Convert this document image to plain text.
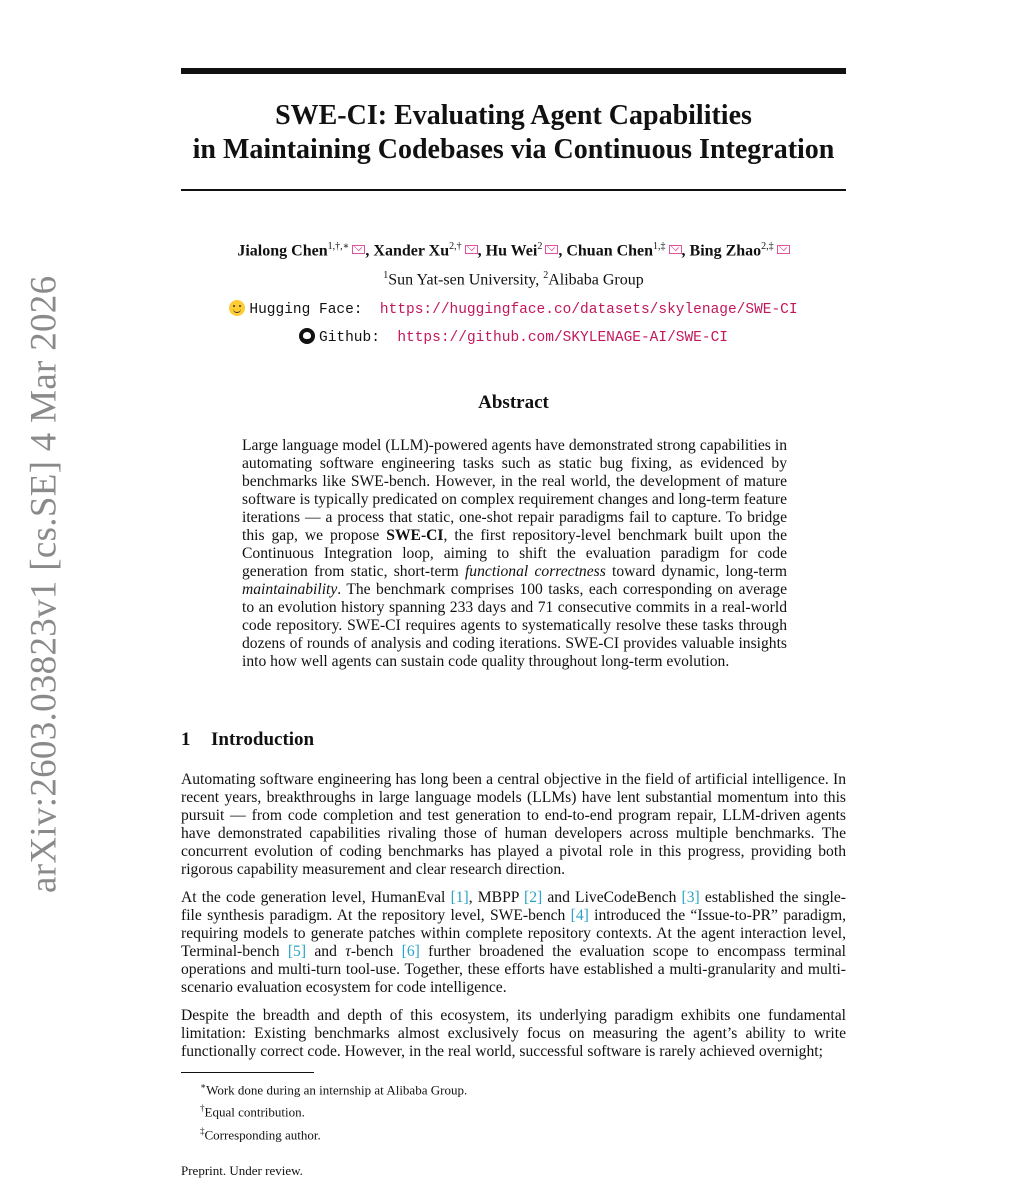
arXiv:2603.03823v1 [cs.SE] 4 Mar 2026
SWE-CI: Evaluating Agent Capabilities
in Maintaining Codebases via Continuous Integration
Jialong Chen$^{1,\dagger,∗}$ , Xander $Xu^{2,\dagger}$ , Hu Wei$^2$ , Chuan Chen$^{1,\ddagger}$ , Bing Zhao$^{2,\ddagger}$
$^1$Sun Yat-sen University, $^2$Alibaba Group
Hugging Face: https://huggingface.co/datasets/skylenage/SWE-CI
Github: https://github.com/SKYLENAGE-AI/SWE-CI
Abstract

Large language model (LLM)-powered agents have demonstrated strong capabilities in automating software engineering tasks such as static bug fixing, as evidenced by benchmarks like SWE-bench. However, in the real world, the development of mature software is typically predicated on complex requirement changes and long-term feature iterations — a process that static, one-shot repair paradigms fail to capture. To bridge this gap, we propose SWE-CI, the first repository-level benchmark built upon the Continuous Integration loop, aiming to shift the evaluation paradigm for code generation from static, short-term functional correctness toward dynamic, long-term maintainability. The benchmark comprises 100 tasks, each corresponding on average to an evolution history spanning 233 days and 71 consecutive commits in a real-world code repository. SWE-CI requires agents to systematically resolve these tasks through dozens of rounds of analysis and coding iterations. SWE-CI provides valuable insights into how well agents can sustain code quality throughout long-term evolution.

1 Introduction

Automating software engineering has long been a central objective in the field of artificial intelligence. In recent years, breakthroughs in large language models (LLMs) have lent substantial momentum into this pursuit — from code completion and test generation to end-to-end program repair, LLM-driven agents have demonstrated capabilities rivaling those of human developers across multiple benchmarks. The concurrent evolution of coding benchmarks has played a pivotal role in this progress, providing both rigorous capability measurement and clear research direction.

At the code generation level, HumanEval [1], MBPP [2] and LiveCodeBench [3] established the single-file synthesis paradigm. At the repository level, SWE-bench [4] introduced the “Issue-to-PR” paradigm, requiring models to generate patches within complete repository contexts. At the agent interaction level, Terminal-bench [5] and τ-bench [6] further broadened the evaluation scope to encompass terminal operations and multi-turn tool-use. Together, these efforts have established a multi-granularity and multi-scenario evaluation ecosystem for code intelligence.

Despite the breadth and depth of this ecosystem, its underlying paradigm exhibits one fundamental limitation: Existing benchmarks almost exclusively focus on measuring the agent’s ability to write functionally correct code. However, in the real world, successful software is rarely achieved overnight;

∗Work done during an internship at Alibaba Group.
†Equal contribution.
‡Corresponding author.
Preprint. Under review.
